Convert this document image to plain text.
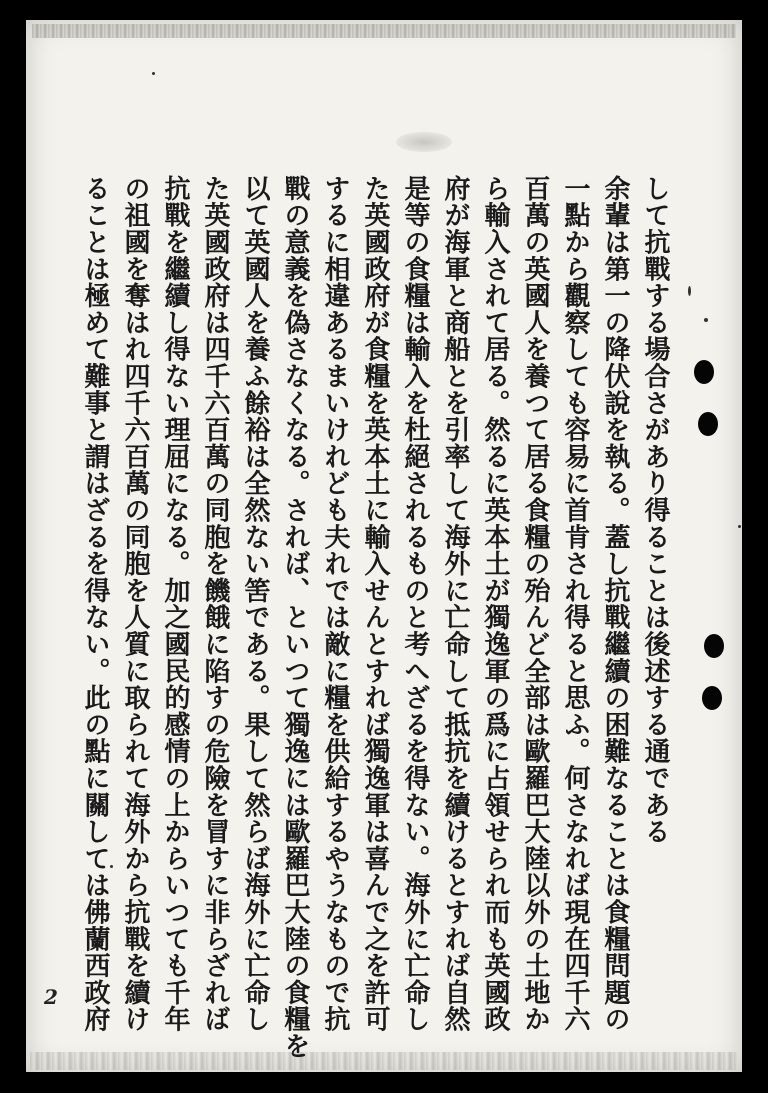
して抗戰する場合さがあり得ることは後述する通である
余輩は第一の降伏說を執る。蓋し抗戰繼續の困難なることは食糧問題の
一點から觀察しても容易に首肯され得ると思ふ。何さなれば現在四千六
百萬の英國人を養つて居る食糧の殆んど全部は歐羅巴大陸以外の土地か
ら輸入されて居る。然るに英本土が獨逸軍の爲に占領せられ而も英國政
府が海軍と商船とを引率して海外に亡命して抵抗を續けるとすれば自然
是等の食糧は輸入を杜絕されるものと考へざるを得ない。海外に亡命し
た英國政府が食糧を英本土に輸入せんとすれば獨逸軍は喜んで之を許可
するに相違あるまいけれども夫れでは敵に糧を供給するやうなもので抗
戰の意義を偽さなくなる。されば、といつて獨逸には歐羅巴大陸の食糧を
以て英國人を養ふ餘裕は全然ない筈である。果して然らば海外に亡命し
た英國政府は四千六百萬の同胞を饑餓に陷すの危險を冒すに非らざれば
抗戰を繼續し得ない理屈になる。加之國民的感情の上からいつても千年
の祖國を奪はれ四千六百萬の同胞を人質に取られて海外から抗戰を續け
ることは極めて難事と謂はざるを得ない。此の點に關しては佛蘭西政府
2
